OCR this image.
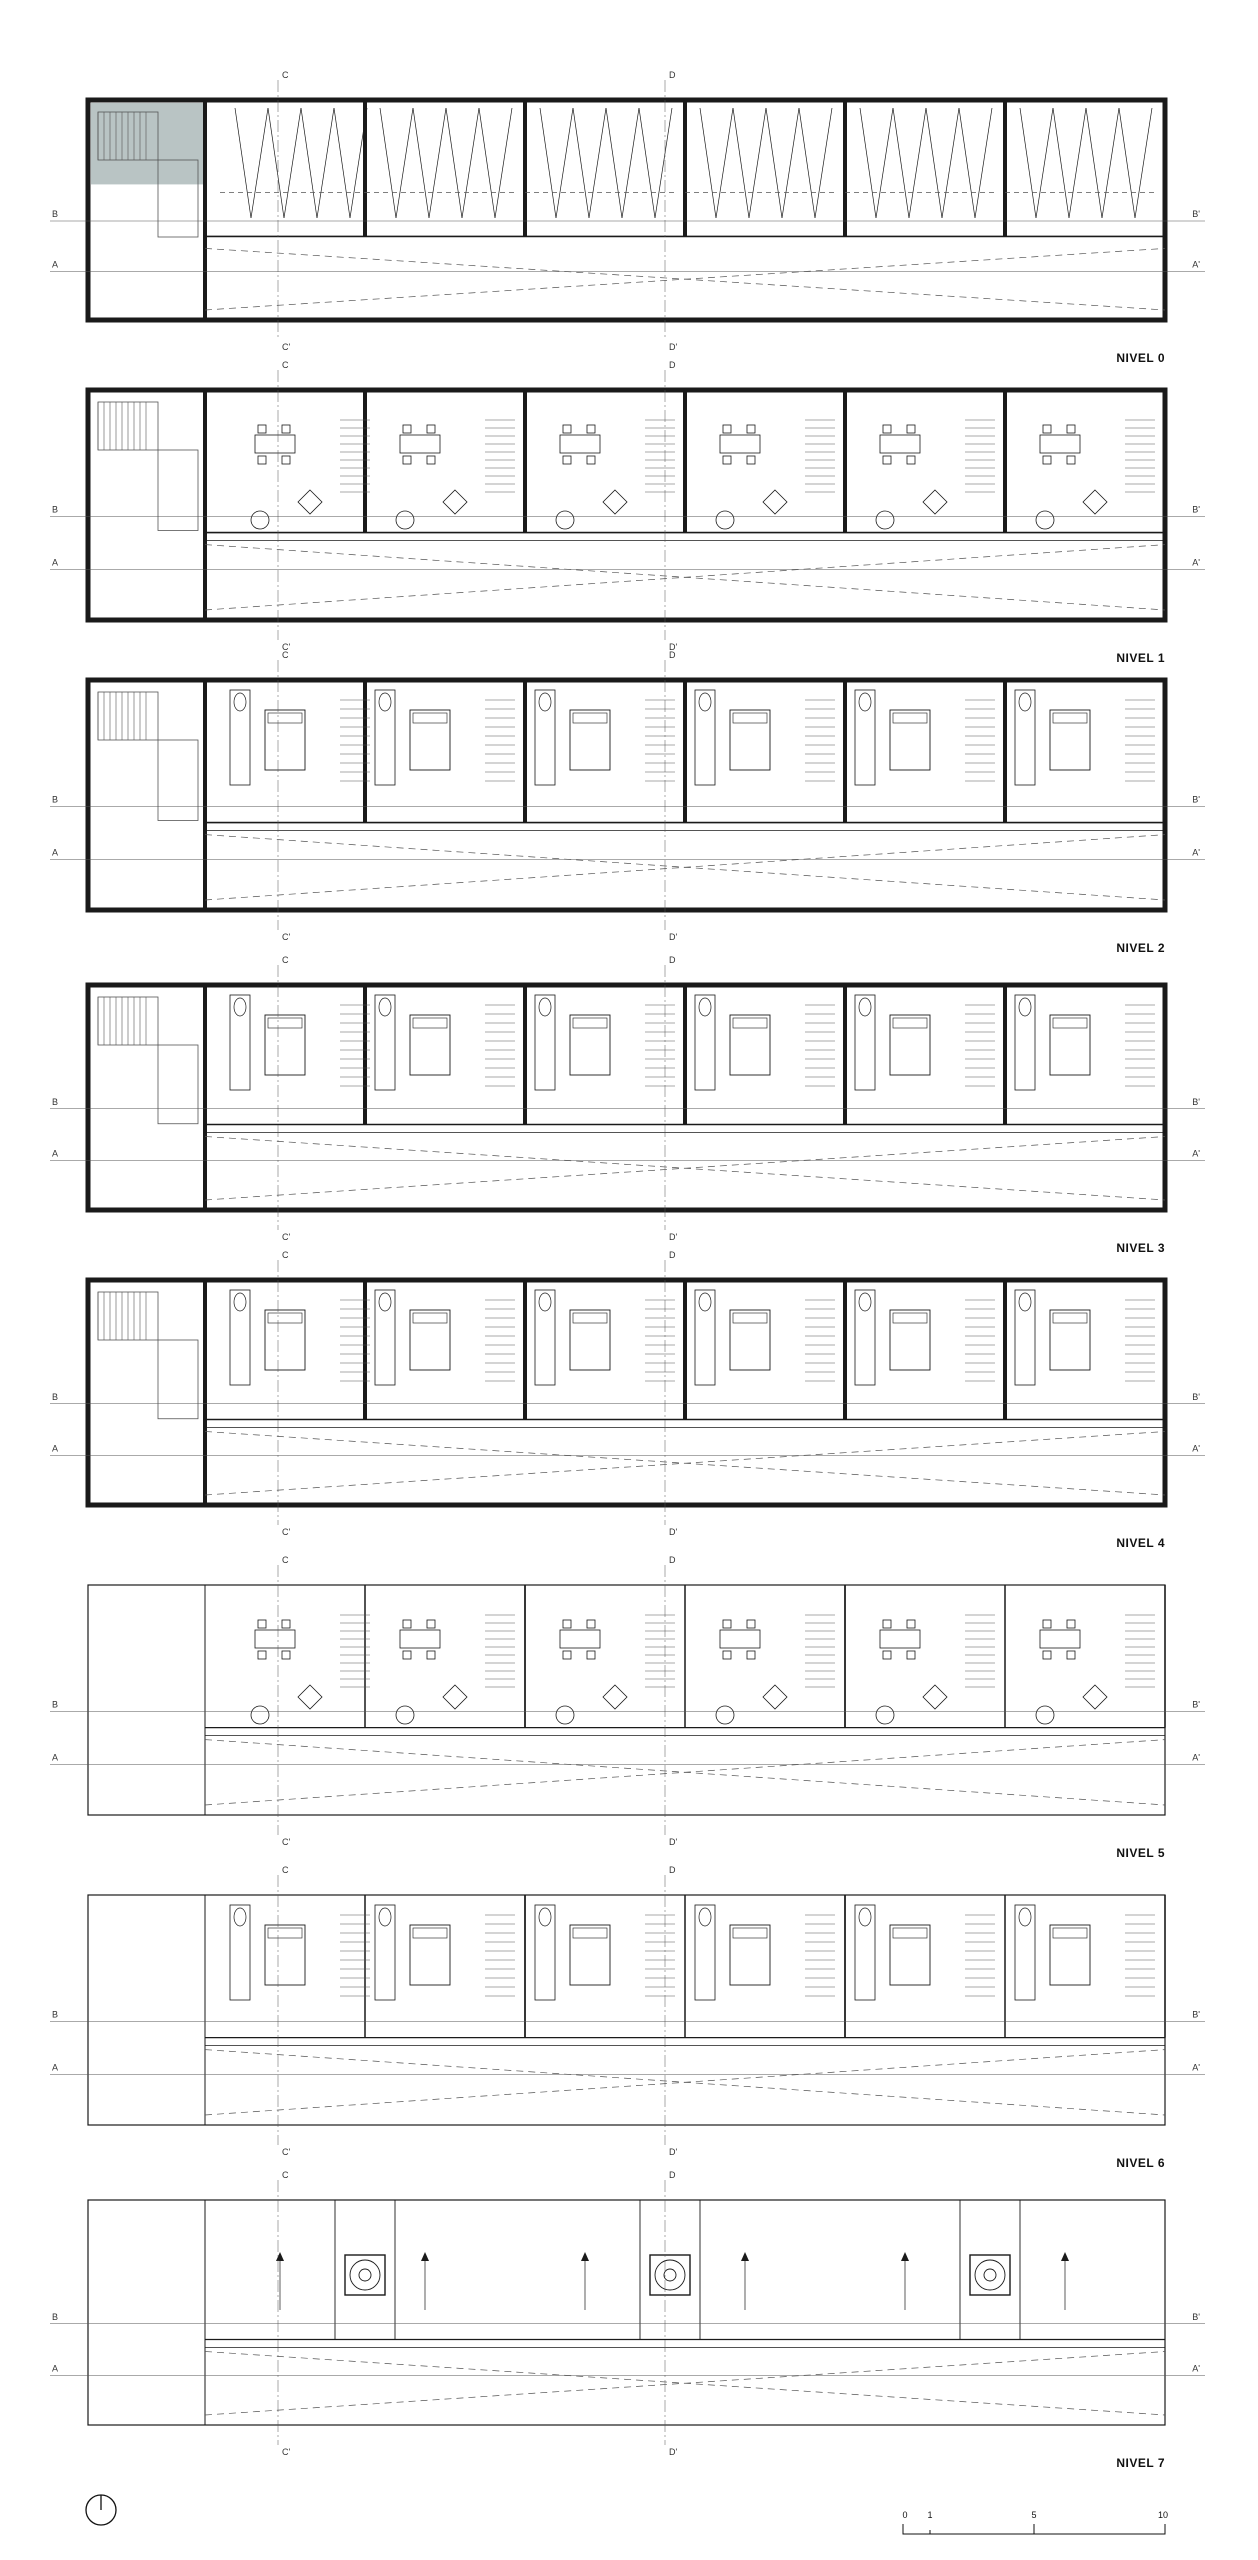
B	B'
A	A'
C
C'
D
D'
NIVEL 0
B	B'
A	A'
C
C'
D
D'
NIVEL 1
B	B'
A	A'
C
C'
D
D'
NIVEL 2
B	B'
A	A'
C
C'
D
D'
NIVEL 3
B	B'
A	A'
C
C'
D
D'
NIVEL 4
B	B'
A	A'
C
C'
D
D'
NIVEL 5
B	B'
A	A'
C
C'
D
D'
NIVEL 6
B	B'
A	A'
C
C'
D
D'
NIVEL 7
0 1	5	10
